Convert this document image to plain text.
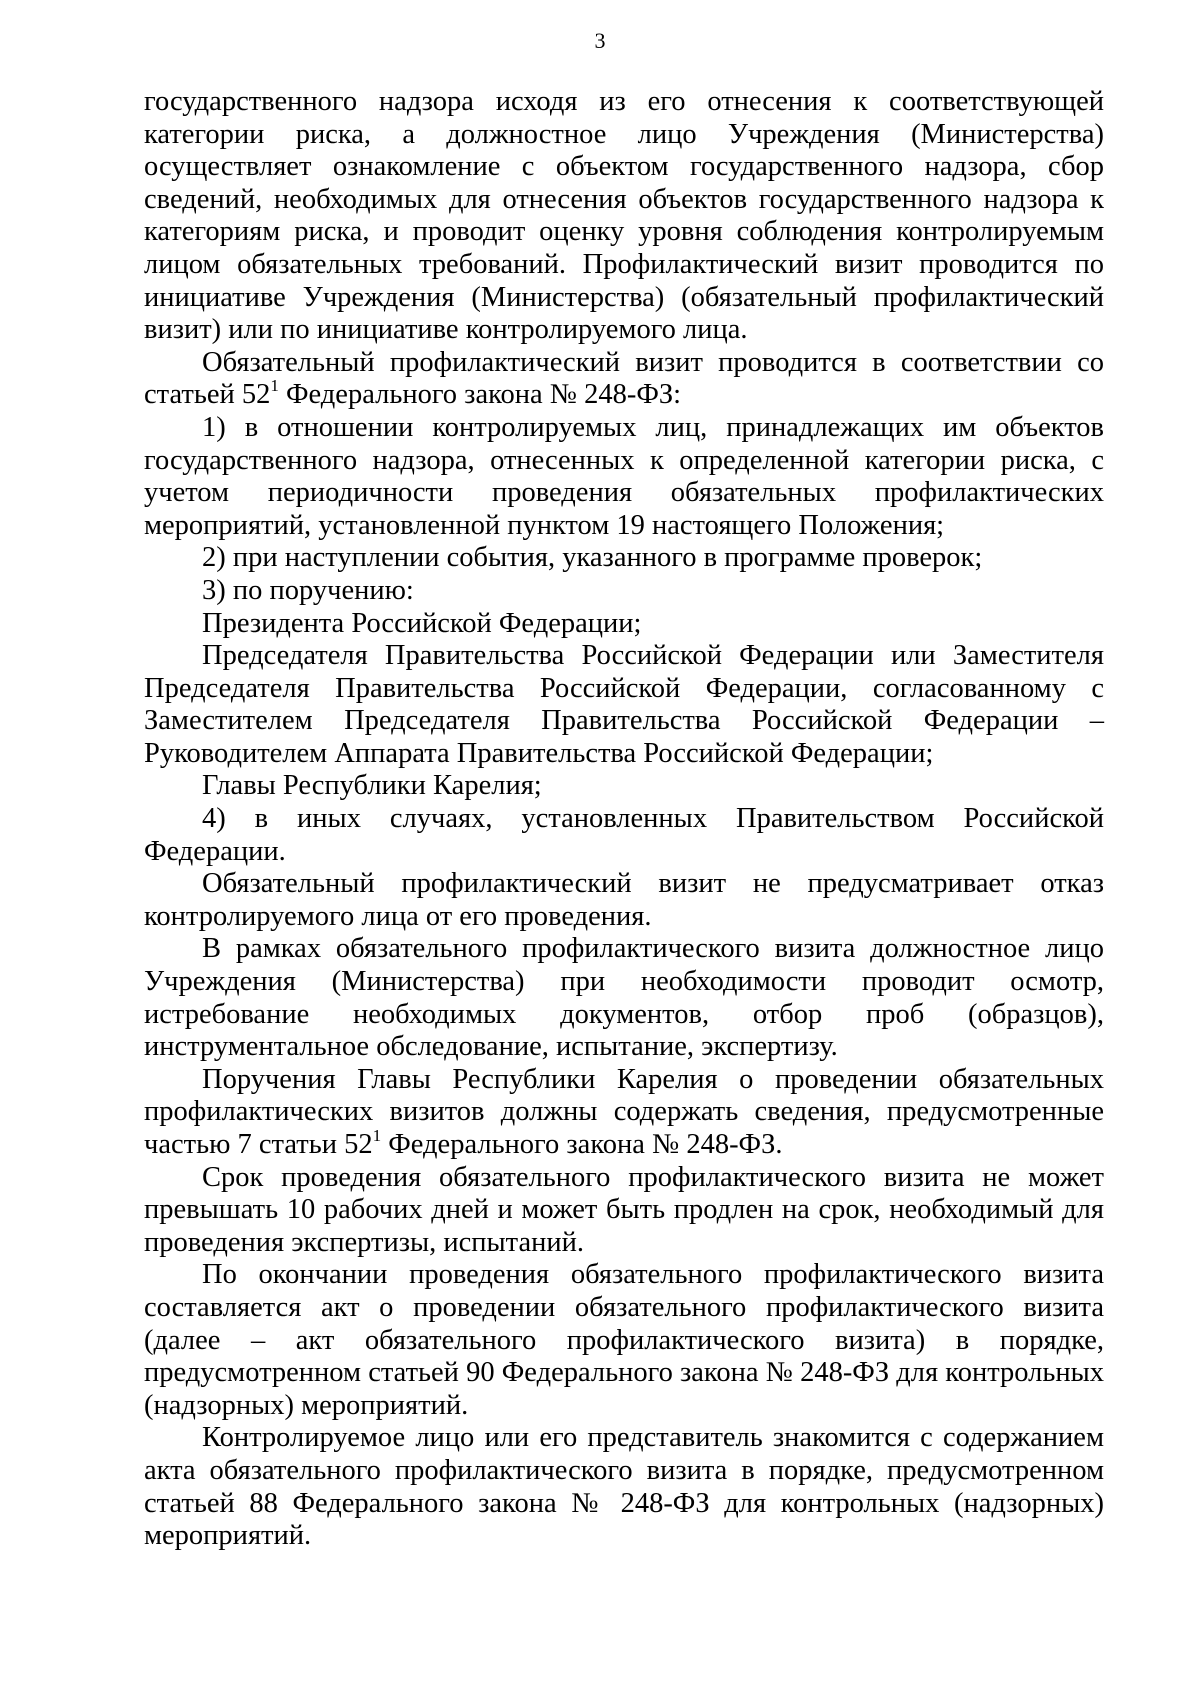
3

государственного надзора исходя из его отнесения к соответствующей категории риска, а должностное лицо Учреждения (Министерства) осуществляет ознакомление с объектом государственного надзора, сбор сведений, необходимых для отнесения объектов государственного надзора к категориям риска, и проводит оценку уровня соблюдения контролируемым лицом обязательных требований. Профилактический визит проводится по инициативе Учреждения (Министерства) (обязательный профилактический визит) или по инициативе контролируемого лица.

Обязательный профилактический визит проводится в соответствии со статьей $52^1$ Федерального закона № 248-ФЗ:

1) в отношении контролируемых лиц, принадлежащих им объектов государственного надзора, отнесенных к определенной категории риска, с учетом периодичности проведения обязательных профилактических мероприятий, установленной пунктом 19 настоящего Положения;

2) при наступлении события, указанного в программе проверок;

3) по поручению:

Президента Российской Федерации;

Председателя Правительства Российской Федерации или Заместителя Председателя Правительства Российской Федерации, согласованному с Заместителем Председателя Правительства Российской Федерации – Руководителем Аппарата Правительства Российской Федерации;

Главы Республики Карелия;

4) в иных случаях, установленных Правительством Российской Федерации.

Обязательный профилактический визит не предусматривает отказ контролируемого лица от его проведения.

В рамках обязательного профилактического визита должностное лицо Учреждения (Министерства) при необходимости проводит осмотр, истребование необходимых документов, отбор проб (образцов), инструментальное обследование, испытание, экспертизу.

Поручения Главы Республики Карелия о проведении обязательных профилактических визитов должны содержать сведения, предусмотренные частью 7 статьи $52^1$ Федерального закона № 248-ФЗ.

Срок проведения обязательного профилактического визита не может превышать 10 рабочих дней и может быть продлен на срок, необходимый для проведения экспертизы, испытаний.

По окончании проведения обязательного профилактического визита составляется акт о проведении обязательного профилактического визита (далее – акт обязательного профилактического визита) в порядке, предусмотренном статьей 90 Федерального закона № 248-ФЗ для контрольных (надзорных) мероприятий.

Контролируемое лицо или его представитель знакомится с содержанием акта обязательного профилактического визита в порядке, предусмотренном статьей 88 Федерального закона № 248-ФЗ для контрольных (надзорных) мероприятий.
